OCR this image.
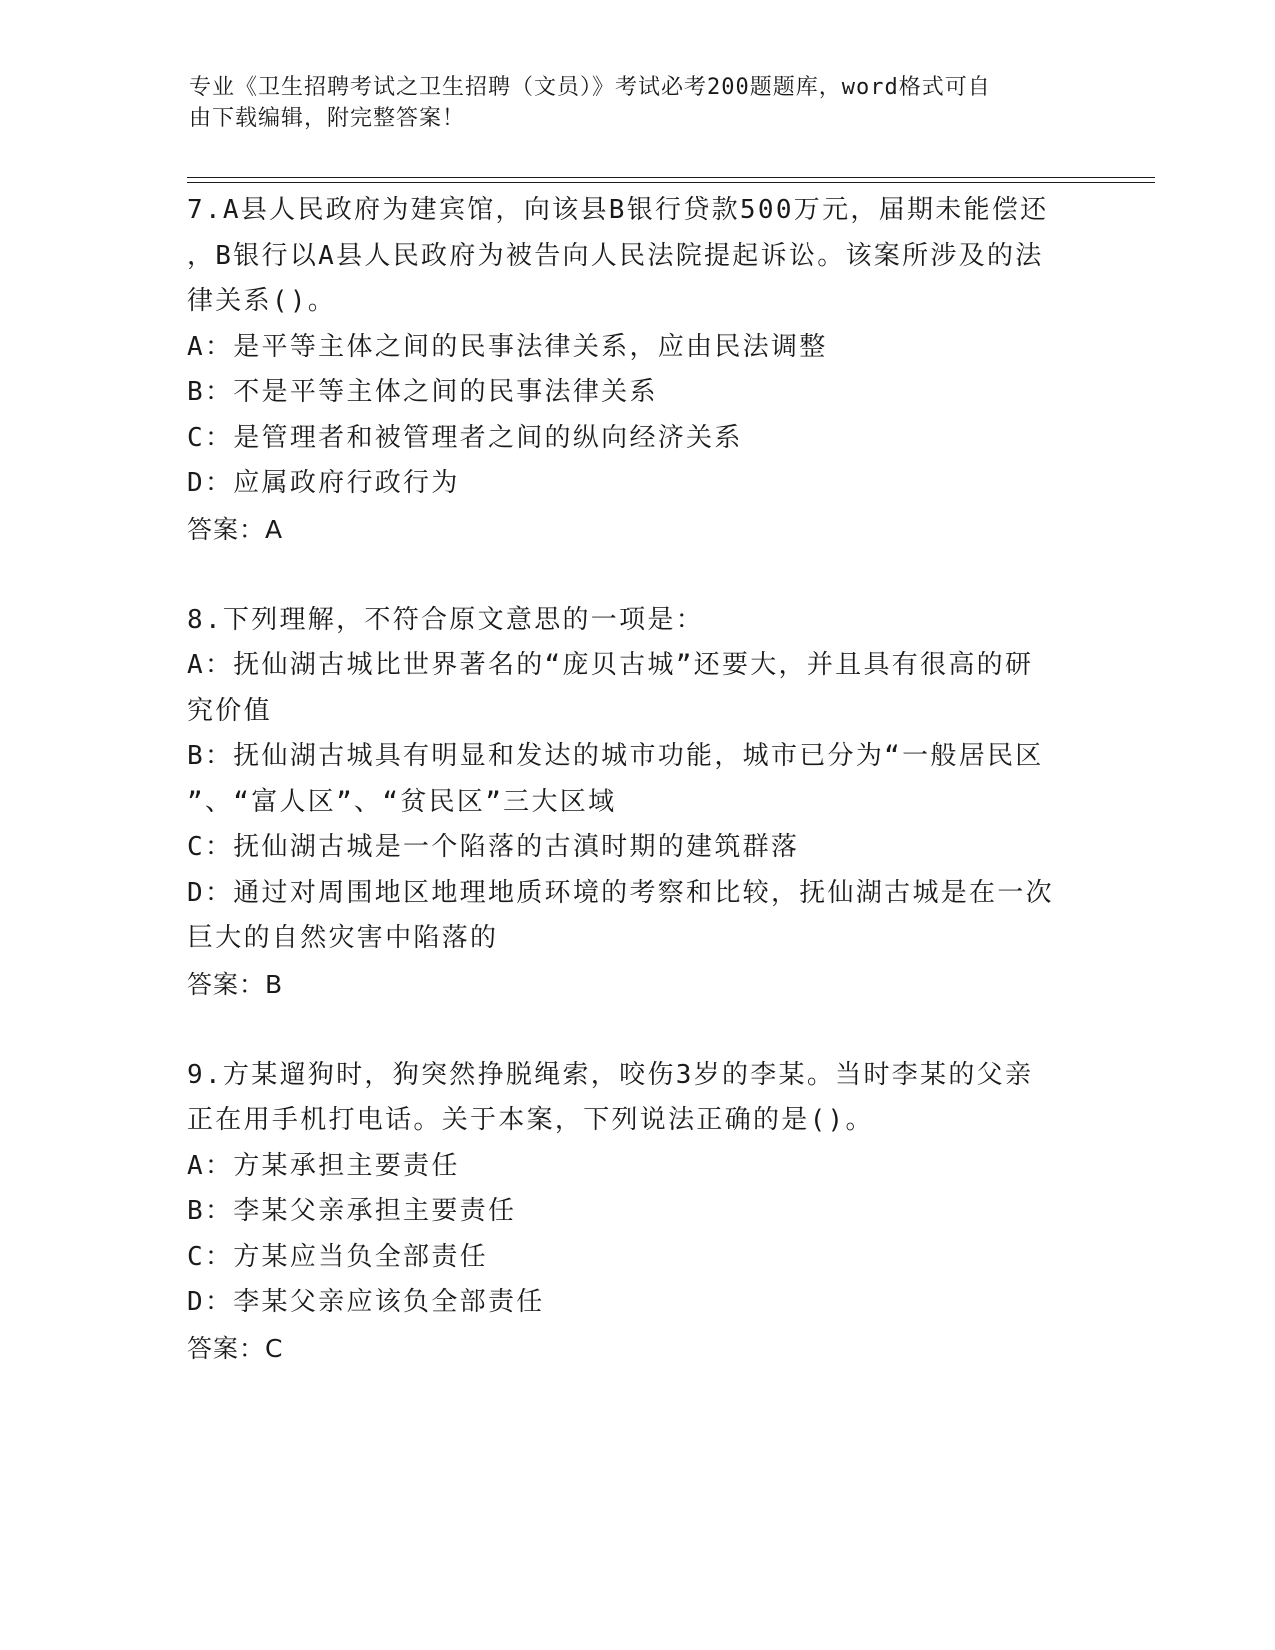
专业《卫生招聘考试之卫生招聘（文员）》考试必考200题题库，word格式可自
由下载编辑，附完整答案！

7.A县人民政府为建宾馆，向该县B银行贷款500万元，届期未能偿还

，B银行以A县人民政府为被告向人民法院提起诉讼。该案所涉及的法

律关系()。

A：是平等主体之间的民事法律关系，应由民法调整

B：不是平等主体之间的民事法律关系

C：是管理者和被管理者之间的纵向经济关系

D：应属政府行政行为

答案：A

8.下列理解，不符合原文意思的一项是：

A：抚仙湖古城比世界著名的“庞贝古城”还要大，并且具有很高的研

究价值

B：抚仙湖古城具有明显和发达的城市功能，城市已分为“一般居民区

”、“富人区”、“贫民区”三大区域

C：抚仙湖古城是一个陷落的古滇时期的建筑群落

D：通过对周围地区地理地质环境的考察和比较，抚仙湖古城是在一次

巨大的自然灾害中陷落的

答案：B

9.方某遛狗时，狗突然挣脱绳索，咬伤3岁的李某。当时李某的父亲

正在用手机打电话。关于本案，下列说法正确的是()。

A：方某承担主要责任

B：李某父亲承担主要责任

C：方某应当负全部责任

D：李某父亲应该负全部责任

答案：C
